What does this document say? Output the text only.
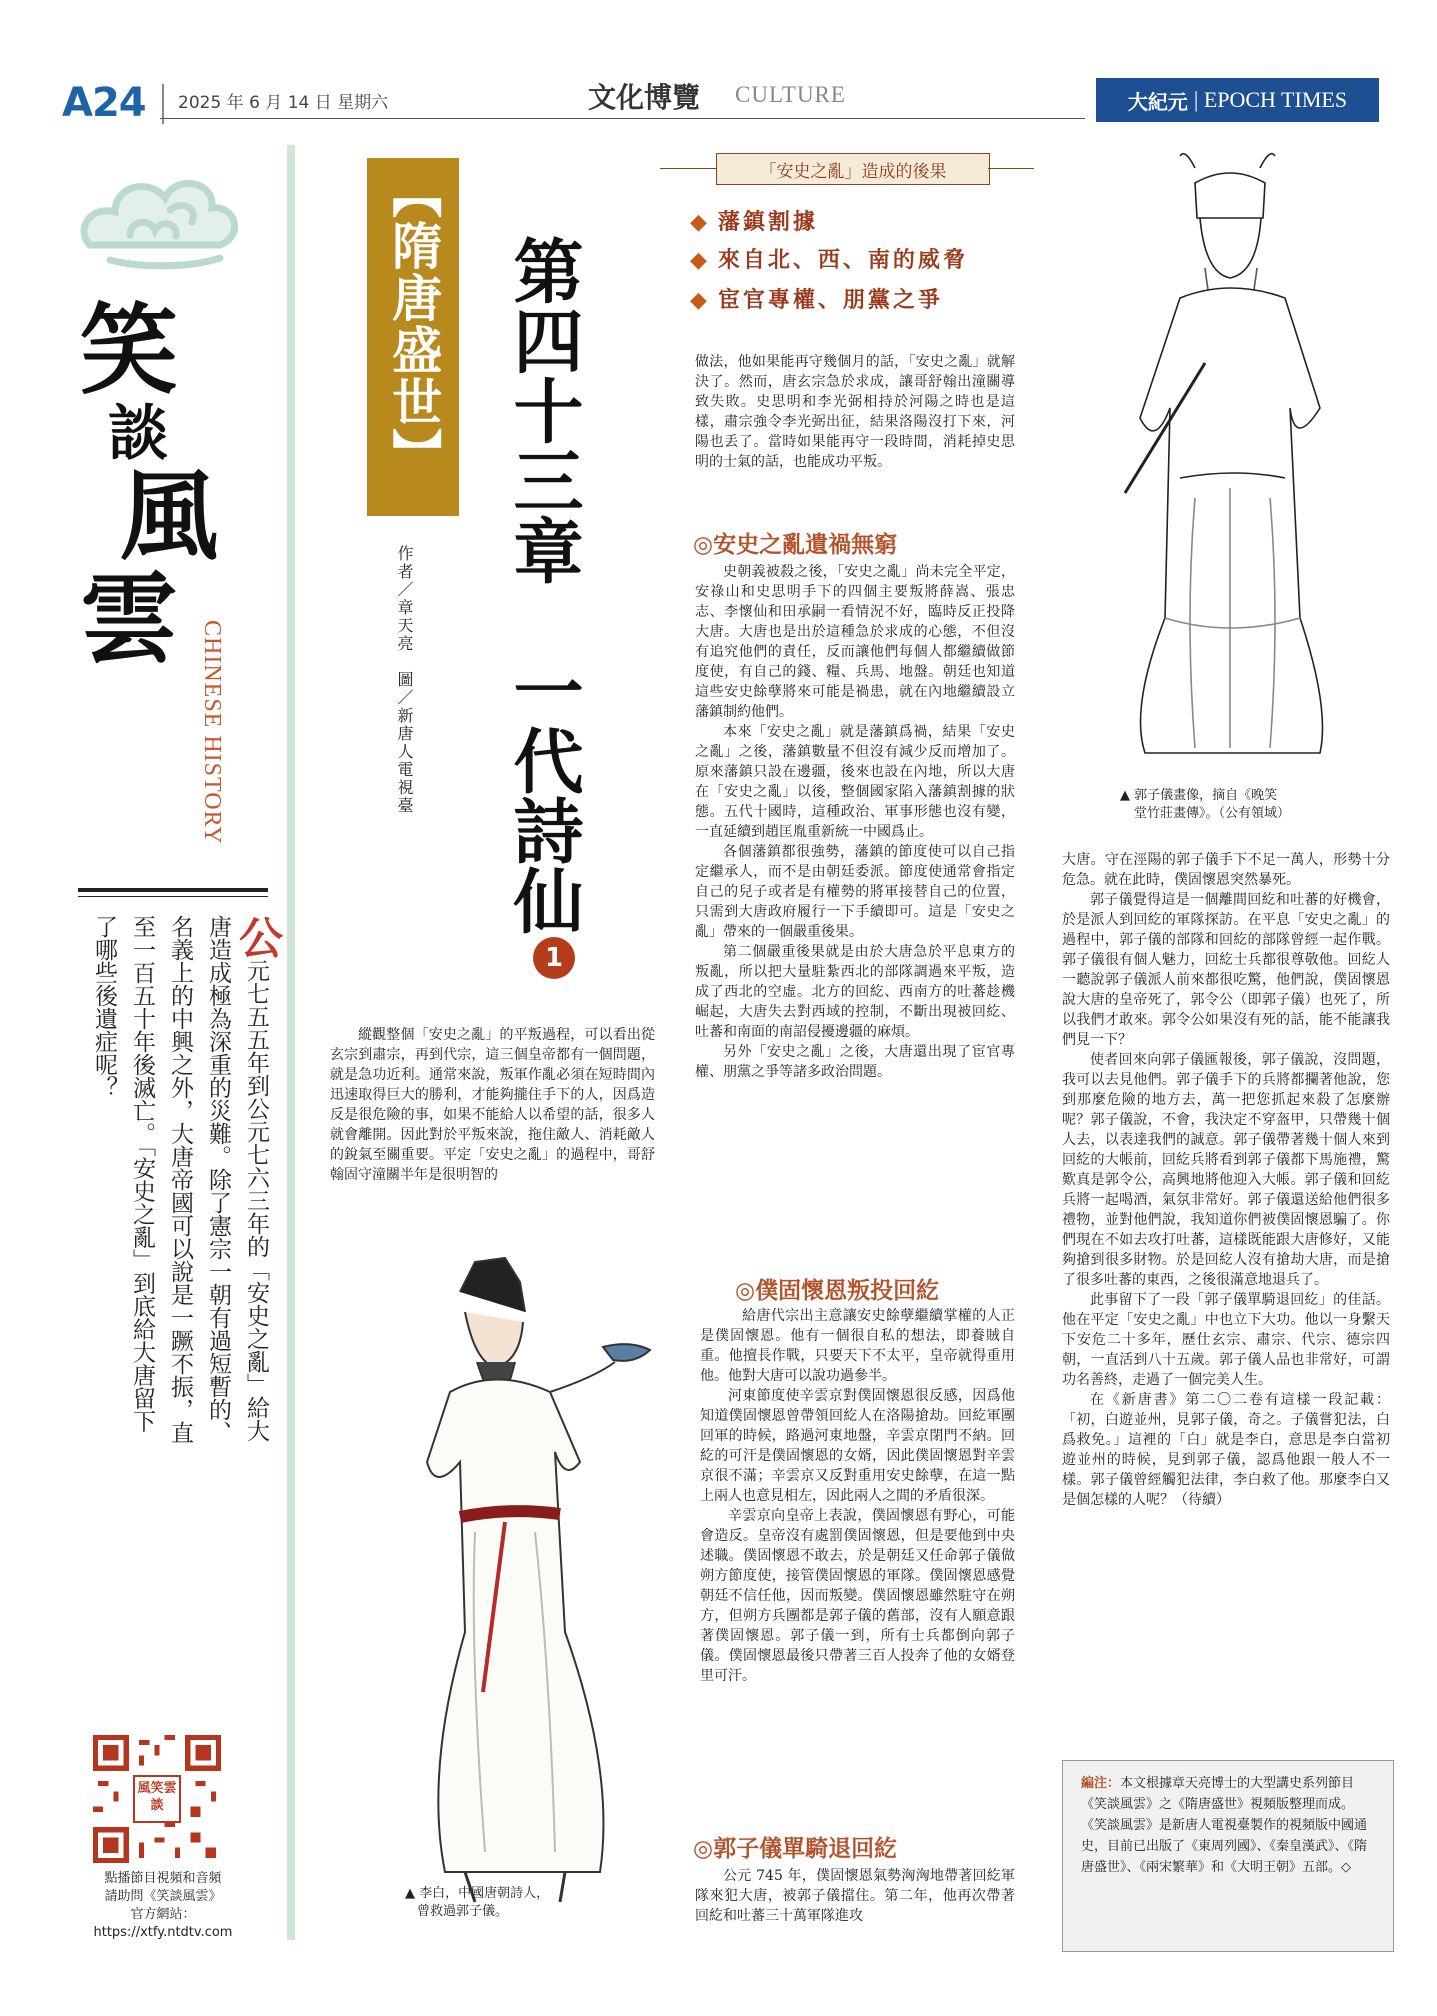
A24 2025 年 6 月 14 日 星期六	文化博覽 CULTURE	大紀元 | EPOCH TIMES
笑
談
風
雲
CHINESE HISTORY
公元七五五年到公元七六三年的「安史之亂」給大唐造成極為深重的災難。除了憲宗一朝有過短暫的、名義上的中興之外，大唐帝國可以說是一蹶不振，直至一百五十年後滅亡。「安史之亂」到底給大唐留下了哪些後遺症呢？
風笑雲談
點播節目視頻和音頻
請助問《笑談風雲》
官方網站：
https://xtfy.ntdtv.com
【隋唐盛世】
作者／章天亮　圖／新唐人電視臺 第四十三章　一代詩仙
1
縱觀整個「安史之亂」的平叛過程，可以看出從玄宗到肅宗，再到代宗，這三個皇帝都有一個問題，就是急功近利。通常來說，叛軍作亂必須在短時間內迅速取得巨大的勝利，才能夠攏住手下的人，因爲造反是很危險的事，如果不能給人以希望的話，很多人就會離開。因此對於平叛來說，拖住敵人、消耗敵人的銳氣至關重要。平定「安史之亂」的過程中，哥舒翰固守潼關半年是很明智的
▲ 李白，中國唐朝詩人，
曾救過郭子儀。
「安史之亂」造成的後果
◆ 藩鎮割據
◆ 來自北、西、南的威脅
◆ 宦官專權、朋黨之爭
做法，他如果能再守幾個月的話，「安史之亂」就解決了。然而，唐玄宗急於求成，讓哥舒翰出潼關導致失敗。史思明和李光弼相持於河陽之時也是這樣，肅宗強令李光弼出征，結果洛陽沒打下來，河陽也丢了。當時如果能再守一段時間，消耗掉史思明的士氣的話，也能成功平叛。
◎安史之亂遺禍無窮
史朝義被殺之後，「安史之亂」尚未完全平定，安祿山和史思明手下的四個主要叛將薛嵩、張忠志、李懷仙和田承嗣一看情況不好，臨時反正投降大唐。大唐也是出於這種急於求成的心態，不但沒有追究他們的責任，反而讓他們每個人都繼續做節度使，有自己的錢、糧、兵馬、地盤。朝廷也知道這些安史餘孽將來可能是禍患，就在內地繼續設立藩鎮制約他們。
本來「安史之亂」就是藩鎮爲禍，結果「安史之亂」之後，藩鎮數量不但沒有減少反而增加了。原來藩鎮只設在邊疆，後來也設在內地，所以大唐在「安史之亂」以後，整個國家陷入藩鎮割據的狀態。五代十國時，這種政治、軍事形態也沒有變，一直延續到趙匡胤重新統一中國爲止。
各個藩鎮都很強勢，藩鎮的節度使可以自己指定繼承人，而不是由朝廷委派。節度使通常會指定自己的兒子或者是有權勢的將軍接替自己的位置，只需到大唐政府履行一下手續即可。這是「安史之亂」帶來的一個嚴重後果。
第二個嚴重後果就是由於大唐急於平息東方的叛亂，所以把大量駐紮西北的部隊調過來平叛，造成了西北的空虛。北方的回紇、西南方的吐蕃趁機崛起，大唐失去對西域的控制，不斷出現被回紇、吐蕃和南面的南詔侵擾邊疆的麻煩。
另外「安史之亂」之後，大唐還出現了宦官專權、朋黨之爭等諸多政治問題。
◎僕固懷恩叛投回紇
給唐代宗出主意讓安史餘孽繼續掌權的人正是僕固懷恩。他有一個很自私的想法，即養賊自重。他擅長作戰，只要天下不太平，皇帝就得重用他。他對大唐可以說功過參半。
河東節度使辛雲京對僕固懷恩很反感，因爲他知道僕固懷恩曾帶領回紇人在洛陽搶劫。回紇軍團回軍的時候，路過河東地盤，辛雲京閉門不納。回紇的可汗是僕固懷恩的女婿，因此僕固懷恩對辛雲京很不滿；辛雲京又反對重用安史餘孽，在這一點上兩人也意見相左，因此兩人之間的矛盾很深。
辛雲京向皇帝上表說，僕固懷恩有野心，可能會造反。皇帝沒有處罰僕固懷恩，但是要他到中央述職。僕固懷恩不敢去，於是朝廷又任命郭子儀做朔方節度使，接管僕固懷恩的軍隊。僕固懷恩感覺朝廷不信任他，因而叛變。僕固懷恩雖然駐守在朔方，但朔方兵團都是郭子儀的舊部，沒有人願意跟著僕固懷恩。郭子儀一到，所有士兵都倒向郭子儀。僕固懷恩最後只帶著三百人投奔了他的女婿登里可汗。
◎郭子儀單騎退回紇
公元 745 年，僕固懷恩氣勢洶洶地帶著回紇軍隊來犯大唐，被郭子儀擋住。第二年，他再次帶著回紇和吐蕃三十萬軍隊進攻
▲ 郭子儀畫像，摘自《晚笑
堂竹莊畫傳》。（公有領域）
大唐。守在涇陽的郭子儀手下不足一萬人，形勢十分危急。就在此時，僕固懷恩突然暴死。
郭子儀覺得這是一個離間回紇和吐蕃的好機會，於是派人到回紇的軍隊探訪。在平息「安史之亂」的過程中，郭子儀的部隊和回紇的部隊曾經一起作戰。郭子儀很有個人魅力，回紇士兵都很尊敬他。回紇人一聽說郭子儀派人前來都很吃驚，他們說，僕固懷恩說大唐的皇帝死了，郭令公（即郭子儀）也死了，所以我們才敢來。郭令公如果沒有死的話，能不能讓我們見一下？
使者回來向郭子儀匯報後，郭子儀說，沒問題，我可以去見他們。郭子儀手下的兵將都攔著他說，您到那麼危險的地方去，萬一把您抓起來殺了怎麼辦呢？郭子儀說，不會，我決定不穿盔甲，只帶幾十個人去，以表達我們的誠意。郭子儀帶著幾十個人來到回紇的大帳前，回紇兵將看到郭子儀都下馬施禮，驚歎真是郭令公，高興地將他迎入大帳。郭子儀和回紇兵將一起喝酒，氣氛非常好。郭子儀還送給他們很多禮物，並對他們說，我知道你們被僕固懷恩騙了。你們現在不如去攻打吐蕃，這樣既能跟大唐修好，又能夠搶到很多財物。於是回紇人沒有搶劫大唐，而是搶了很多吐蕃的東西，之後很滿意地退兵了。
此事留下了一段「郭子儀單騎退回紇」的佳話。他在平定「安史之亂」中也立下大功。他以一身繫天下安危二十多年，歷仕玄宗、肅宗、代宗、德宗四朝，一直活到八十五歲。郭子儀人品也非常好，可謂功名善終，走過了一個完美人生。
在《新唐書》第二〇二卷有這樣一段記載：「初，白遊並州，見郭子儀，奇之。子儀嘗犯法，白爲救免。」這裡的「白」就是李白，意思是李白當初遊並州的時候，見到郭子儀，認爲他跟一般人不一樣。郭子儀曾經觸犯法律，李白救了他。那麼李白又是個怎樣的人呢？（待續）
編注：本文根據章天亮博士的大型講史系列節目《笑談風雲》之《隋唐盛世》視頻版整理而成。
《笑談風雲》是新唐人電視臺製作的視頻版中國通史，目前已出版了《東周列國》、《秦皇漢武》、《隋唐盛世》、《兩宋繁華》和《大明王朝》五部。◇
